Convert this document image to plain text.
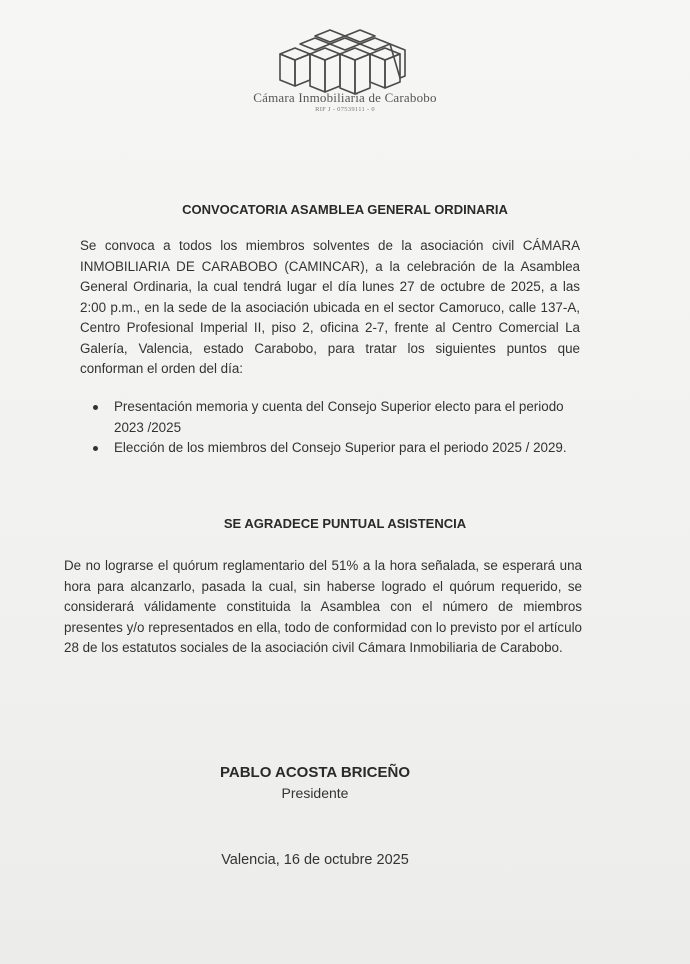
Cámara Inmobiliaria de Carabobo
RIF J - 07539111 - 0
CONVOCATORIA ASAMBLEA GENERAL ORDINARIA
Se convoca a todos los miembros solventes de la asociación civil CÁMARA INMOBILIARIA DE CARABOBO (CAMINCAR), a la celebración de la Asamblea General Ordinaria, la cual tendrá lugar el día lunes 27 de octubre de 2025, a las 2:00 p.m., en la sede de la asociación ubicada en el sector Camoruco, calle 137-A, Centro Profesional Imperial II, piso 2, oficina 2-7, frente al Centro Comercial La Galería, Valencia, estado Carabobo, para tratar los siguientes puntos que conforman el orden del día:
Presentación memoria y cuenta del Consejo Superior electo para el periodo 2023 /2025
Elección de los miembros del Consejo Superior para el periodo 2025 / 2029.
SE AGRADECE PUNTUAL ASISTENCIA
De no lograrse el quórum reglamentario del 51% a la hora señalada, se esperará una hora para alcanzarlo, pasada la cual, sin haberse logrado el quórum requerido, se considerará válidamente constituida la Asamblea con el número de miembros presentes y/o representados en ella, todo de conformidad con lo previsto por el artículo 28 de los estatutos sociales de la asociación civil Cámara Inmobiliaria de Carabobo.
PABLO ACOSTA BRICEÑO
Presidente
Valencia, 16 de octubre 2025
